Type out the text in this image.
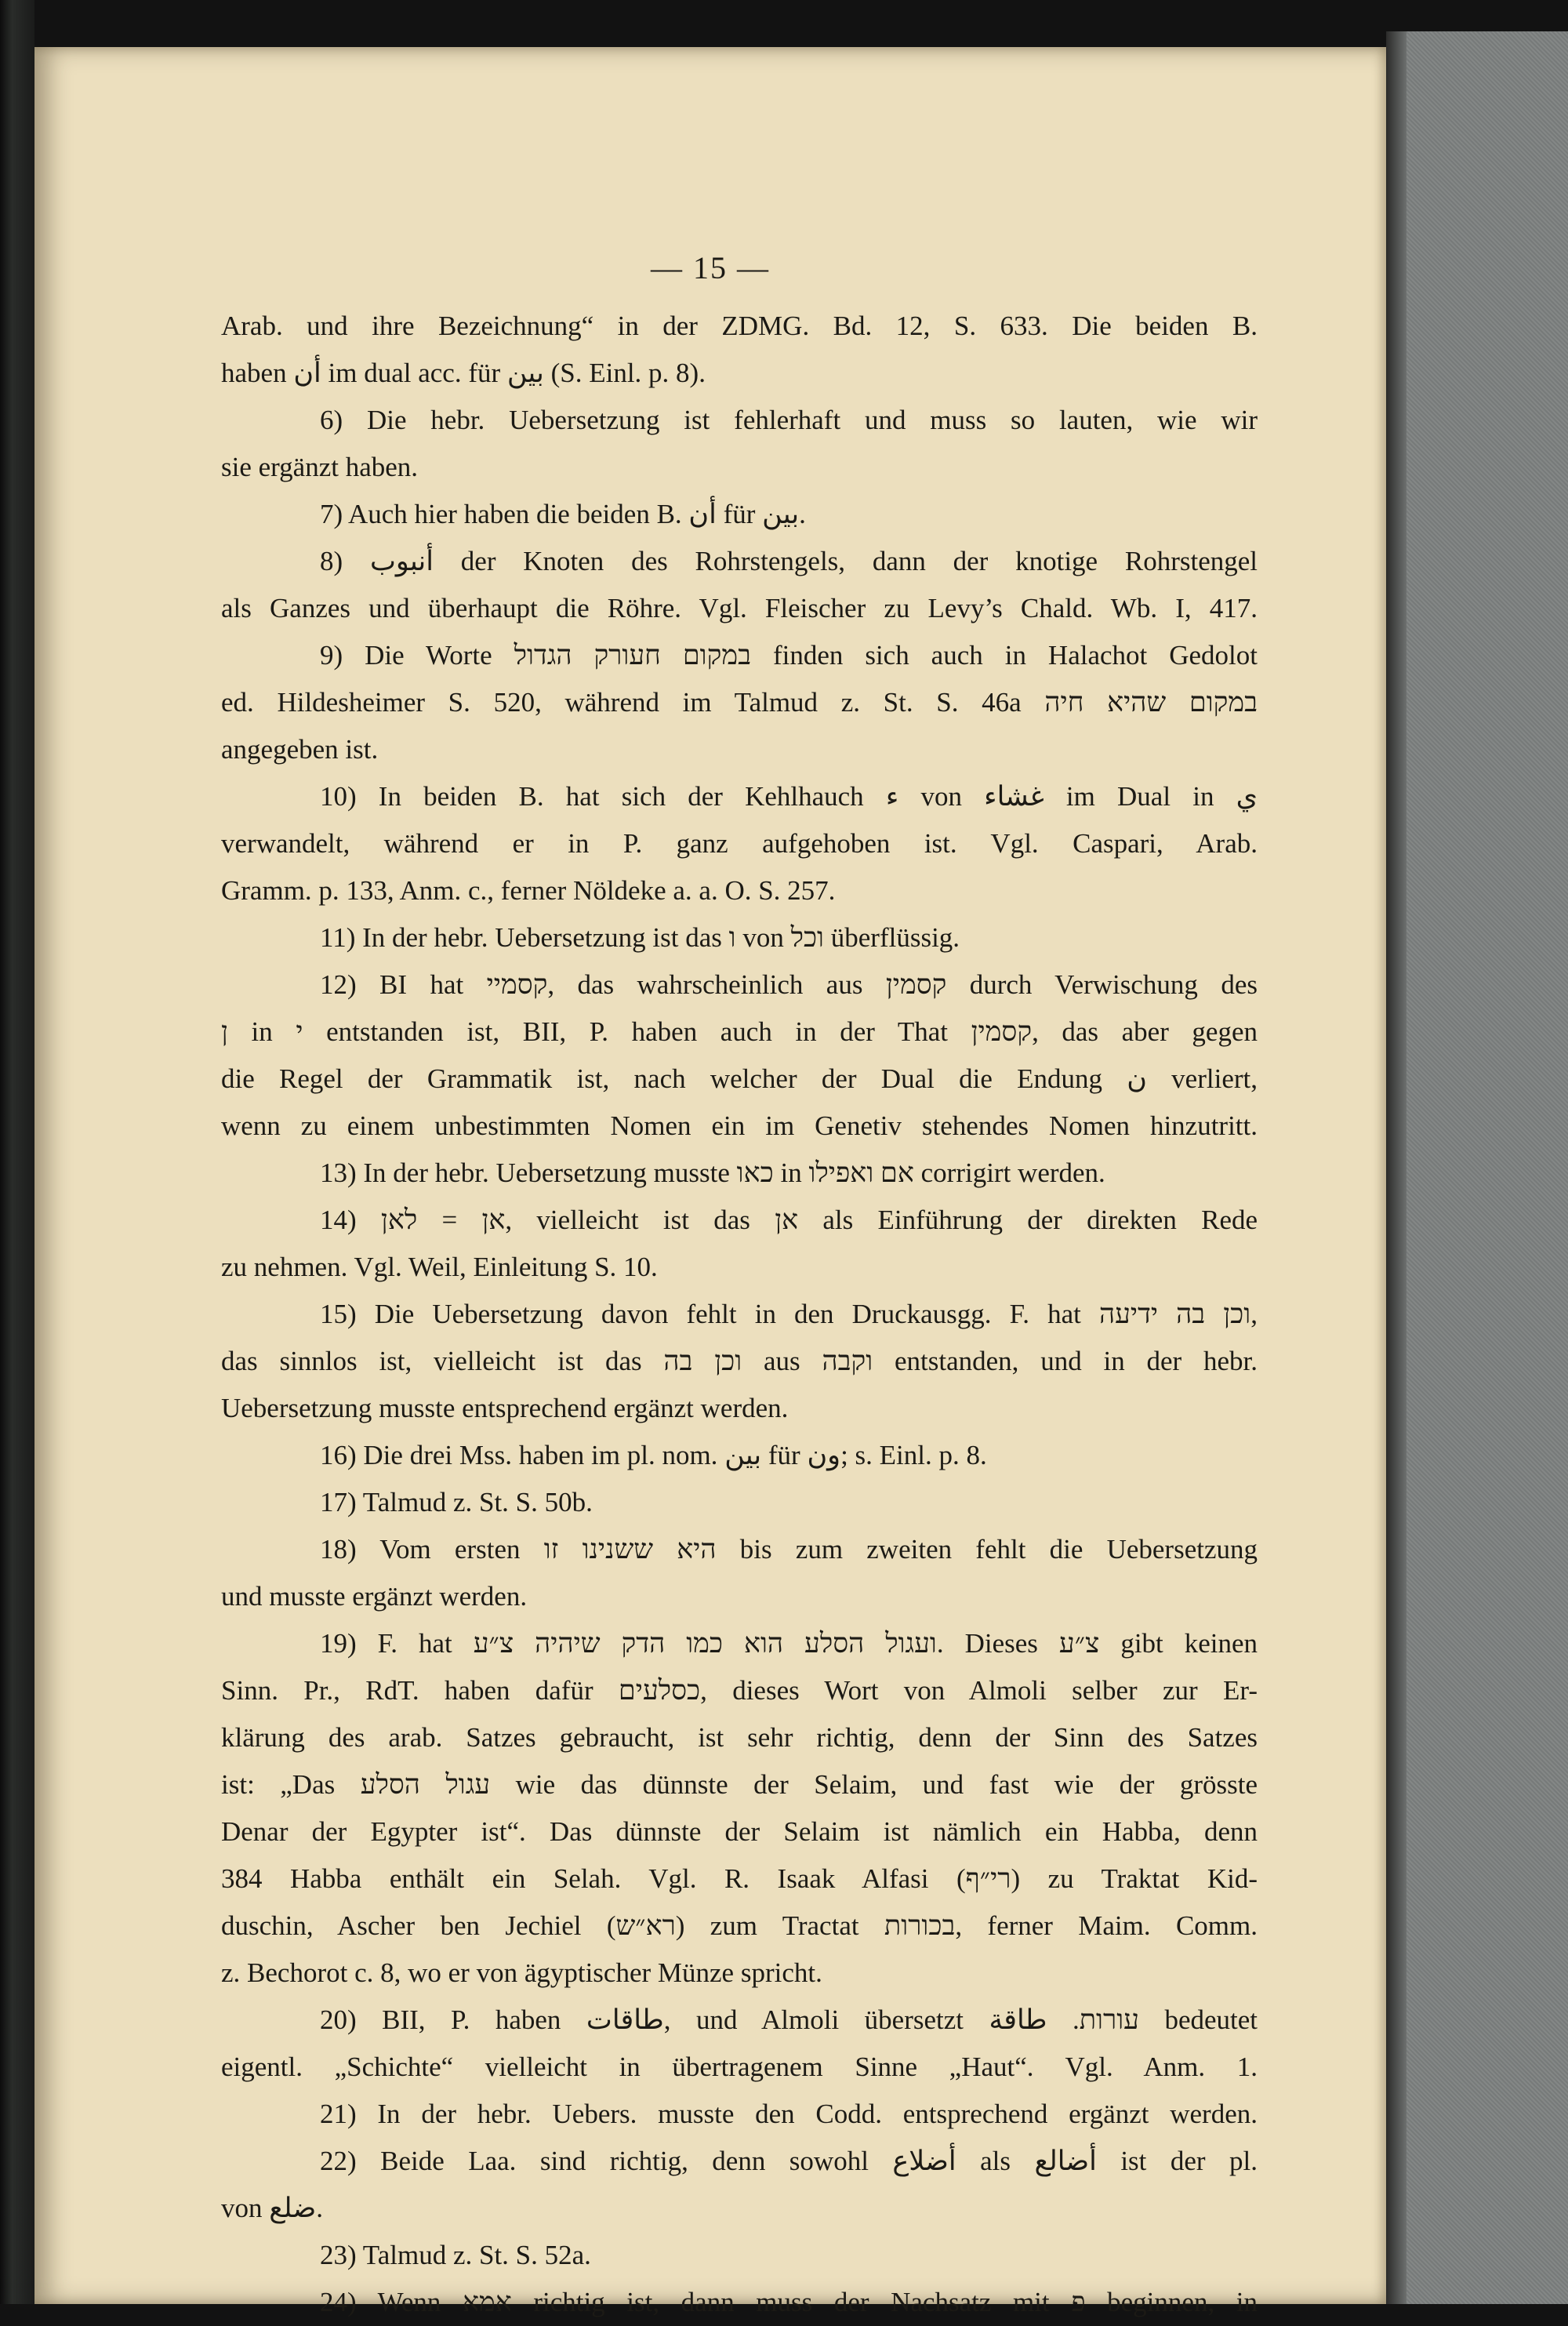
— 15 —
Arab. und ihre Bezeichnung“ in der ZDMG. Bd. 12, S. 633. Die beiden B.
haben أن im dual acc. für بين (S. Einl. p. 8).
6) Die hebr. Uebersetzung ist fehlerhaft und muss so lauten, wie wir
sie ergänzt haben.
7) Auch hier haben die beiden B. أن für بين.
8) أنبوب der Knoten des Rohrstengels, dann der knotige Rohrstengel
als Ganzes und überhaupt die Röhre. Vgl. Fleischer zu Levy’s Chald. Wb. I, 417.
9) Die Worte במקום חעורק הגדול finden sich auch in Halachot Gedolot
ed. Hildesheimer S. 520, während im Talmud z. St. S. 46a במקום שהיא חיה
angegeben ist.
10) In beiden B. hat sich der Kehlhauch ء von غشاء im Dual in ي
verwandelt, während er in P. ganz aufgehoben ist. Vgl. Caspari, Arab.
Gramm. p. 133, Anm. c., ferner Nöldeke a. a. O. S. 257.
11) In der hebr. Uebersetzung ist das ו von וכל überflüssig.
12) BI hat קסמיי, das wahrscheinlich aus קסמין durch Verwischung des
ן in י entstanden ist, BII, P. haben auch in der That קסמין, das aber gegen
die Regel der Grammatik ist, nach welcher der Dual die Endung ن verliert,
wenn zu einem unbestimmten Nomen ein im Genetiv stehendes Nomen hinzutritt.
13) In der hebr. Uebersetzung musste כאו in אם ואפילו corrigirt werden.
14) אן = לאן, vielleicht ist das אן als Einführung der direkten Rede
zu nehmen. Vgl. Weil, Einleitung S. 10.
15) Die Uebersetzung davon fehlt in den Druckausgg. F. hat וכן בה ידיעה,
das sinnlos ist, vielleicht ist das וכן בה aus וקבה entstanden, und in der hebr.
Uebersetzung musste entsprechend ergänzt werden.
16) Die drei Mss. haben im pl. nom. بين für ون; s. Einl. p. 8.
17) Talmud z. St. S. 50b.
18) Vom ersten היא ששנינו זו bis zum zweiten fehlt die Uebersetzung
und musste ergänzt werden.
19) F. hat ועגול הסלע הוא כמו הדק שיהיה צ״ע. Dieses צ״ע gibt keinen
Sinn. Pr., RdT. haben dafür כסלעים, dieses Wort von Almoli selber zur Er-
klärung des arab. Satzes gebraucht, ist sehr richtig, denn der Sinn des Satzes
ist: „Das עגול הסלע wie das dünnste der Selaim, und fast wie der grösste
Denar der Egypter ist“. Das dünnste der Selaim ist nämlich ein Habba, denn
384 Habba enthält ein Selah. Vgl. R. Isaak Alfasi (רי״ף) zu Traktat Kid-
duschin, Ascher ben Jechiel (רא״ש) zum Tractat בכורות, ferner Maim. Comm.
z. Bechorot c. 8, wo er von ägyptischer Münze spricht.
20) BII, P. haben طاقات, und Almoli übersetzt עורות. طاقة bedeutet
eigentl. „Schichte“ vielleicht in übertragenem Sinne „Haut“. Vgl. Anm. 1.
21) In der hebr. Uebers. musste den Codd. entsprechend ergänzt werden.
22) Beide Laa. sind richtig, denn sowohl أضلاع als أضالع ist der pl.
von ضلع.
23) Talmud z. St. S. 52a.
24) Wenn אמא richtig ist, dann muss der Nachsatz mit פ beginnen, in
